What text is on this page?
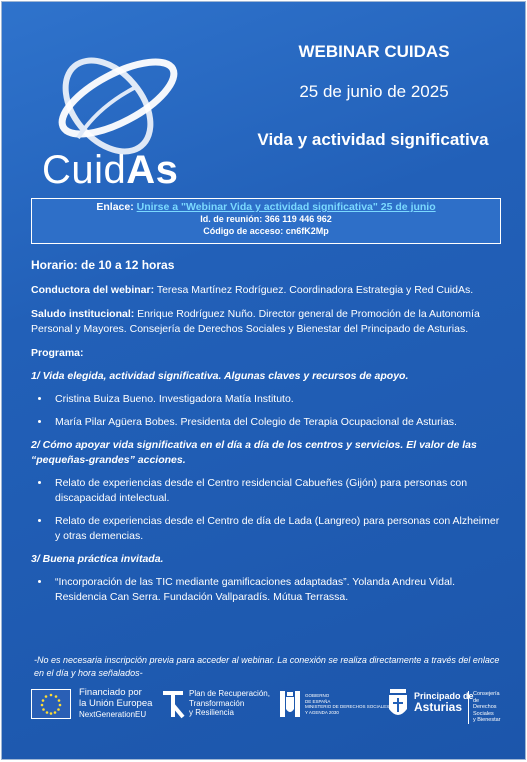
CuidAs
WEBINAR CUIDAS
25 de junio de 2025
Vida y actividad significativa
Enlace: Unirse a "Webinar Vida y actividad significativa" 25 de junio
Id. de reunión: 366 119 446 962
Código de acceso: cn6fK2Mp

Horario: de 10 a 12 horas

Conductora del webinar: Teresa Martínez Rodríguez. Coordinadora Estrategia y Red CuidAs.

Saludo institucional: Enrique Rodríguez Nuño. Director general de Promoción de la Autonomía Personal y Mayores. Consejería de Derechos Sociales y Bienestar del Principado de Asturias.

Programa:

1/ Vida elegida, actividad significativa. Algunas claves y recursos de apoyo.

• Cristina Buiza Bueno. Investigadora Matía Instituto.
• María Pilar Agüera Bobes. Presidenta del Colegio de Terapia Ocupacional de Asturias.

2/ Cómo apoyar vida significativa en el día a día de los centros y servicios. El valor de las
“pequeñas-grandes” acciones.

• Relato de experiencias desde el Centro residencial Cabueñes (Gijón) para personas con discapacidad intelectual.
• Relato de experiencias desde el Centro de día de Lada (Langreo) para personas con Alzheimer y otras demencias.

3/ Buena práctica invitada.

• “Incorporación de las TIC mediante gamificaciones adaptadas”. Yolanda Andreu Vidal.
Residencia Can Serra. Fundación Vallparadís. Mútua Terrassa.
-No es necesaria inscripción previa para acceder al webinar. La conexión se realiza directamente a través del enlace en el día y hora señalados-
Financiado por
la Unión Europea
NextGenerationEU
Plan de Recuperación,
Transformación
y Resiliencia
GOBIERNO
DE ESPAÑA
MINISTERIO DE DERECHOS SOCIALES
Y AGENDA 2030
Principado de
Asturias
Consejería de
Derechos Sociales
y Bienestar
